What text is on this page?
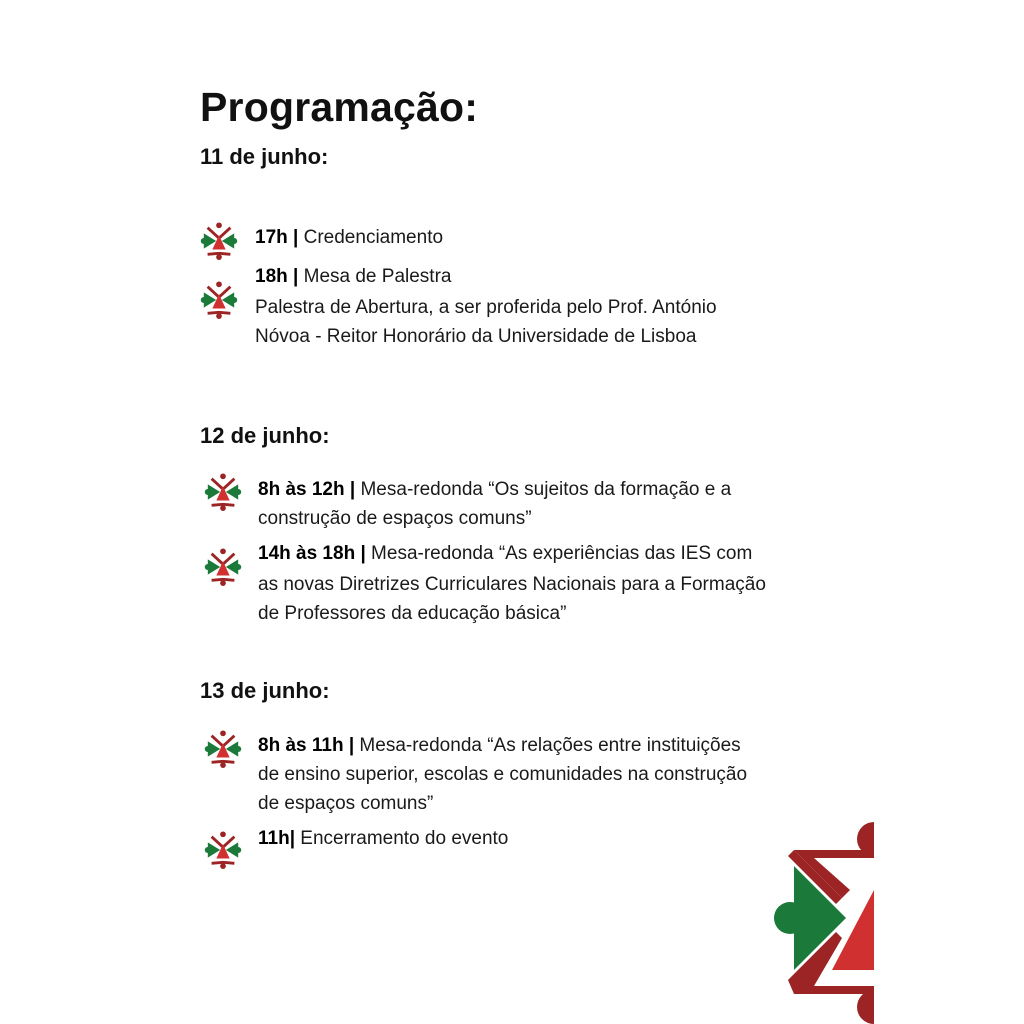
Programação:
11 de junho:
17h | Credenciamento
18h | Mesa de Palestra
Palestra de Abertura, a ser proferida pelo Prof. António
Nóvoa - Reitor Honorário da Universidade de Lisboa
12 de junho:
8h às 12h | Mesa-redonda “Os sujeitos da formação e a
construção de espaços comuns”
14h às 18h | Mesa-redonda “As experiências das IES com
as novas Diretrizes Curriculares Nacionais para a Formação
de Professores da educação básica”
13 de junho:
8h às 11h | Mesa-redonda “As relações entre instituições
de ensino superior, escolas e comunidades na construção
de espaços comuns”
11h| Encerramento do evento
